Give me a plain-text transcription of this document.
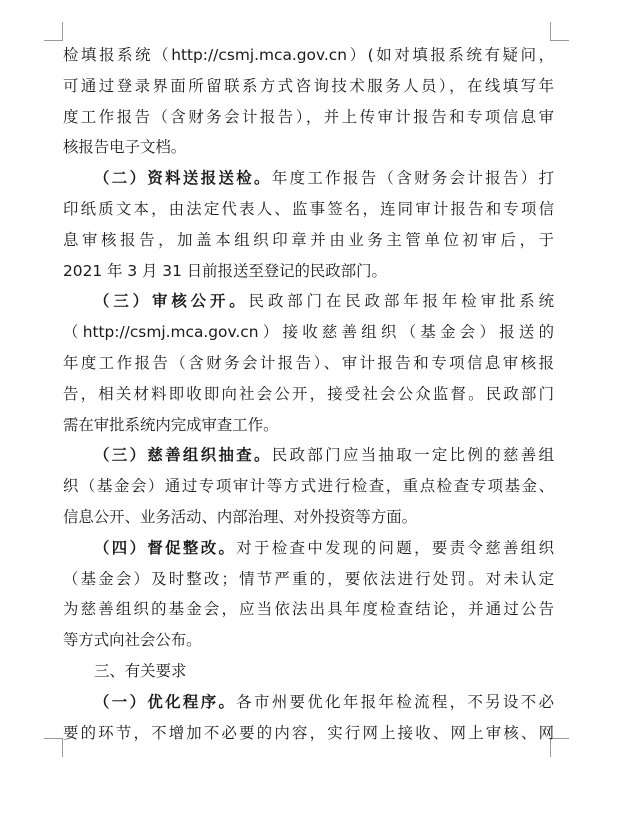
检填报系统（http://csmj.mca.gov.cn）(如对填报系统有疑问，
可通过登录界面所留联系方式咨询技术服务人员），在线填写年
度工作报告（含财务会计报告），并上传审计报告和专项信息审
核报告电子文档。
（二）资料送报送检。年度工作报告（含财务会计报告）打
印纸质文本，由法定代表人、监事签名，连同审计报告和专项信
息审核报告，加盖本组织印章并由业务主管单位初审后，于
2021 年 3 月 31 日前报送至登记的民政部门。
（三）审核公开。民政部门在民政部年报年检审批系统
（http://csmj.mca.gov.cn）接收慈善组织（基金会）报送的
年度工作报告（含财务会计报告）、审计报告和专项信息审核报
告，相关材料即收即向社会公开，接受社会公众监督。民政部门
需在审批系统内完成审查工作。
（三）慈善组织抽查。民政部门应当抽取一定比例的慈善组
织（基金会）通过专项审计等方式进行检查，重点检查专项基金、
信息公开、业务活动、内部治理、对外投资等方面。
（四）督促整改。对于检查中发现的问题，要责令慈善组织
（基金会）及时整改；情节严重的，要依法进行处罚。对未认定
为慈善组织的基金会，应当依法出具年度检查结论，并通过公告
等方式向社会公布。
三、有关要求
（一）优化程序。各市州要优化年报年检流程，不另设不必
要的环节，不增加不必要的内容，实行网上接收、网上审核、网
